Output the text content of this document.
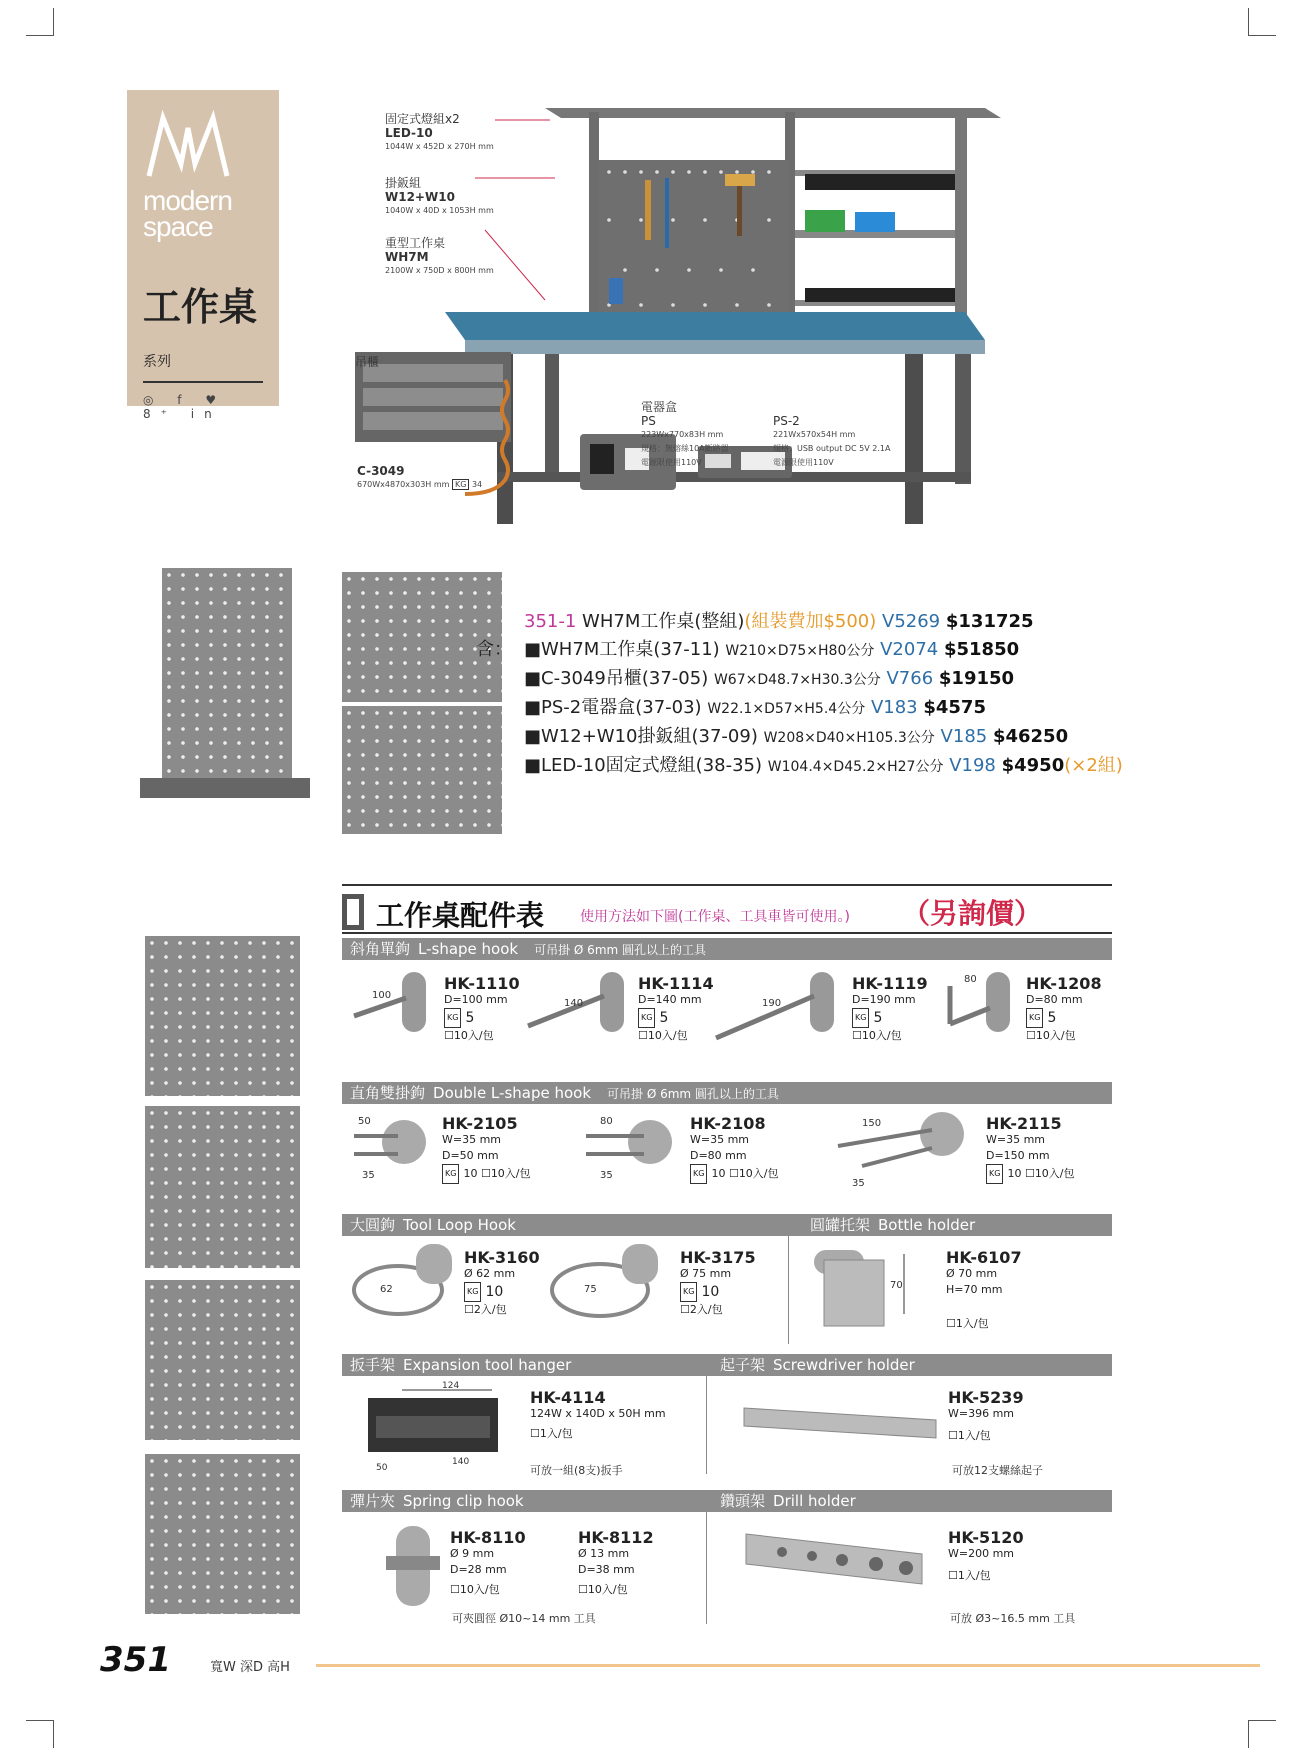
modern
space
工作桌系列
◎ f ♥ 8⁺ in
固定式燈組x2
LED-10
1044W x 452D x 270H mm
掛鈑組
W12+W10
1040W x 40D x 1053H mm
重型工作桌
WH7M
2100W x 750D x 800H mm
吊櫃
C-3049
670Wx4870x303H mm KG 34
電器盒
PS
223Wx770x83H mm
規格：無熔絲10A斷路器
電源限使用110V
PS-2
221Wx570x54H mm
規格：USB output DC 5V 2.1A
電源限使用110V
含：
351-1 WH7M工作桌(整組)(組裝費加$500) V5269 $131725
■WH7M工作桌(37-11) W210×D75×H80公分 V2074 $51850
■C-3049吊櫃(37-05) W67×D48.7×H30.3公分 V766 $19150
■PS-2電器盒(37-03) W22.1×D57×H5.4公分 V183 $4575
■W12+W10掛鈑組(37-09) W208×D40×H105.3公分 V185 $46250
■LED-10固定式燈組(38-35) W104.4×D45.2×H27公分 V198 $4950(×2組)
工作桌配件表	使用方法如下圖(工作桌、工具車皆可使用。) （另詢價）
斜角單鉤 L-shape hook 可吊掛 Ø 6mm 圓孔以上的工具
100
HK-1110
D=100 mm
KG 5
☐10入/包
140
HK-1114
D=140 mm
KG 5
☐10入/包
190
HK-1119
D=190 mm
KG 5
☐10入/包
80	HK-1208
D=80 mm
KG 5
☐10入/包
直角雙掛鉤 Double L-shape hook 可吊掛 Ø 6mm 圓孔以上的工具
50
35
HK-2105
W=35 mm
D=50 mm
KG 10 ☐10入/包
80
35
HK-2108
W=35 mm
D=80 mm
KG 10 ☐10入/包
150
35
HK-2115
W=35 mm
D=150 mm
KG 10 ☐10入/包
大圓鉤 Tool Loop Hook	圓罐托架 Bottle holder
62
HK-3160
Ø 62 mm
KG 10
☐2入/包
75
HK-3175
Ø 75 mm
KG 10
☐2入/包
70
HK-6107
Ø 70 mm
H=70 mm
☐1入/包
扳手架 Expansion tool hanger	起子架 Screwdriver holder
124
140
50
HK-4114
124W x 140D x 50H mm
☐1入/包
可放一組(8支)扳手
HK-5239
W=396 mm
☐1入/包
可放12支螺絲起子
彈片夾 Spring clip hook	鑽頭架 Drill holder
HK-8110
Ø 9 mm
D=28 mm
☐10入/包
HK-8112
Ø 13 mm
D=38 mm
☐10入/包
可夾圓徑 Ø10~14 mm 工具
HK-5120
W=200 mm
☐1入/包
可放 Ø3~16.5 mm 工具
351	寬W 深D 高H
